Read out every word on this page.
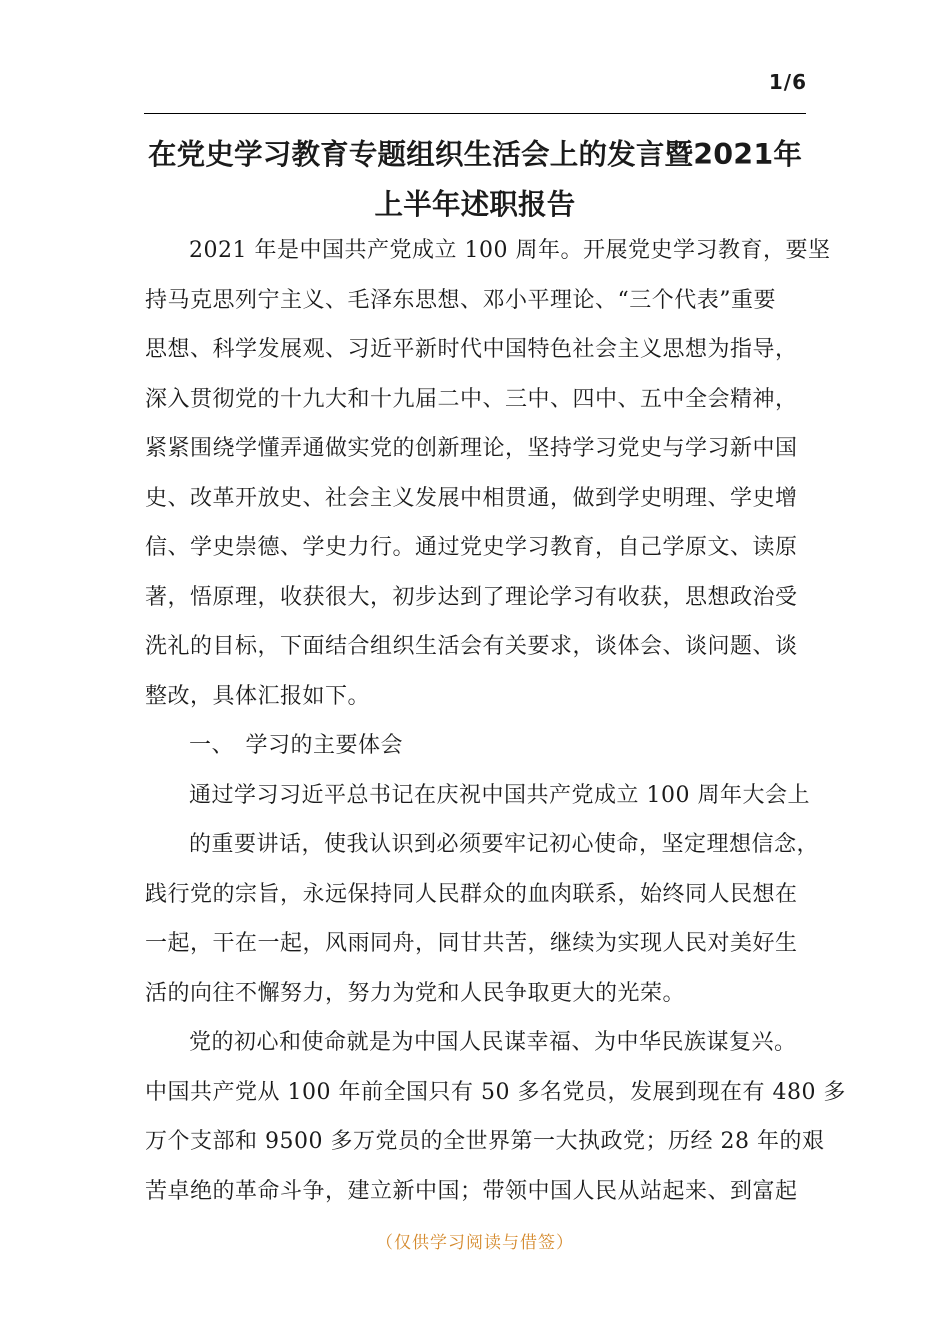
1/6
在党史学习教育专题组织生活会上的发言暨2021年
上半年述职报告
2021 年是中国共产党成立 100 周年。开展党史学习教育，要坚
持马克思列宁主义、毛泽东思想、邓小平理论、“三个代表”重要
思想、科学发展观、习近平新时代中国特色社会主义思想为指导，
深入贯彻党的十九大和十九届二中、三中、四中、五中全会精神，
紧紧围绕学懂弄通做实党的创新理论，坚持学习党史与学习新中国
史、改革开放史、社会主义发展中相贯通，做到学史明理、学史增
信、学史崇德、学史力行。通过党史学习教育，自己学原文、读原
著，悟原理，收获很大，初步达到了理论学习有收获，思想政治受
洗礼的目标，下面结合组织生活会有关要求，谈体会、谈问题、谈
整改，具体汇报如下。
一、　学习的主要体会
通过学习习近平总书记在庆祝中国共产党成立 100 周年大会上
的重要讲话，使我认识到必须要牢记初心使命，坚定理想信念，
践行党的宗旨，永远保持同人民群众的血肉联系，始终同人民想在
一起，干在一起，风雨同舟，同甘共苦，继续为实现人民对美好生
活的向往不懈努力，努力为党和人民争取更大的光荣。
党的初心和使命就是为中国人民谋幸福、为中华民族谋复兴。
中国共产党从 100 年前全国只有 50 多名党员，发展到现在有 480 多
万个支部和 9500 多万党员的全世界第一大执政党；历经 28 年的艰
苦卓绝的革命斗争，建立新中国；带领中国人民从站起来、到富起
（仅供学习阅读与借签）
